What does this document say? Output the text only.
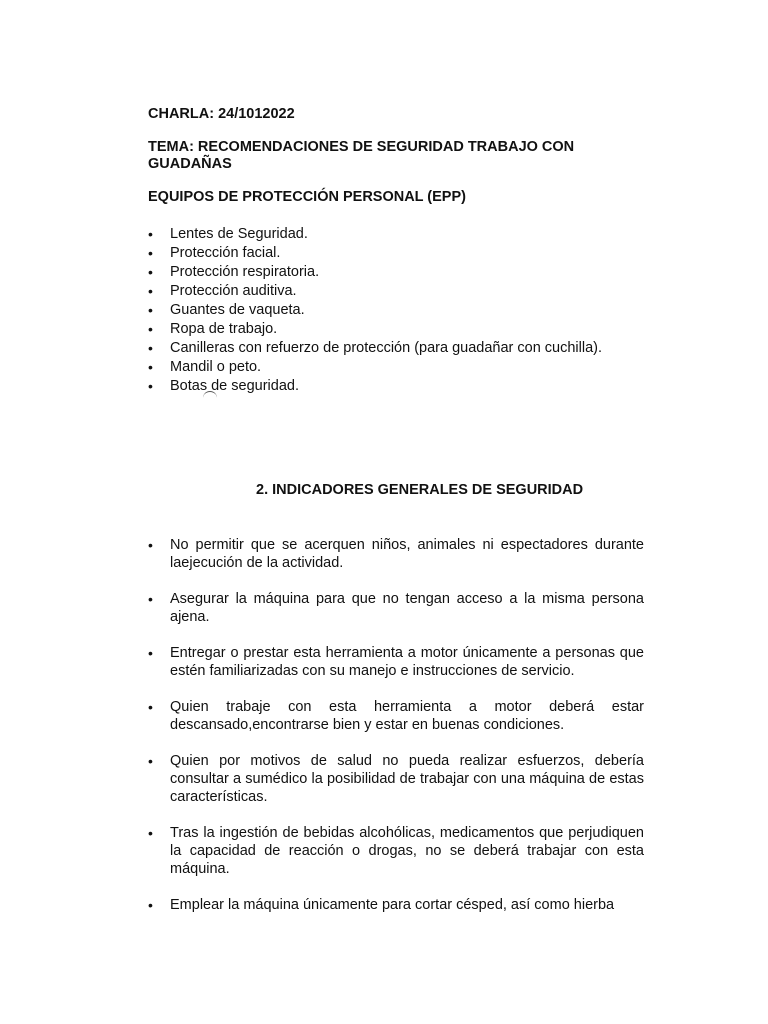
CHARLA: 24/1012022
TEMA: RECOMENDACIONES DE SEGURIDAD TRABAJO CON
GUADAÑAS
EQUIPOS DE PROTECCIÓN PERSONAL (EPP)
• Lentes de Seguridad.
• Protección facial.
• Protección respiratoria.
• Protección auditiva.
• Guantes de vaqueta.
• Ropa de trabajo.
• Canilleras con refuerzo de protección (para guadañar con cuchilla).
• Mandil o peto.
• Botas de seguridad.
2. INDICADORES GENERALES DE SEGURIDAD
• No permitir que se acerquen niños, animales ni espectadores durante laejecución de la actividad.
• Asegurar la máquina para que no tengan acceso a la misma persona ajena.
• Entregar o prestar esta herramienta a motor únicamente a personas que estén familiarizadas con su manejo e instrucciones de servicio.
• Quien trabaje con esta herramienta a motor deberá estar descansado,encontrarse bien y estar en buenas condiciones.
• Quien por motivos de salud no pueda realizar esfuerzos, debería consultar a sumédico la posibilidad de trabajar con una máquina de estas características.
• Tras la ingestión de bebidas alcohólicas, medicamentos que perjudiquen la capacidad de reacción o drogas, no se deberá trabajar con esta máquina.
• Emplear la máquina únicamente para cortar césped, así como hierba
